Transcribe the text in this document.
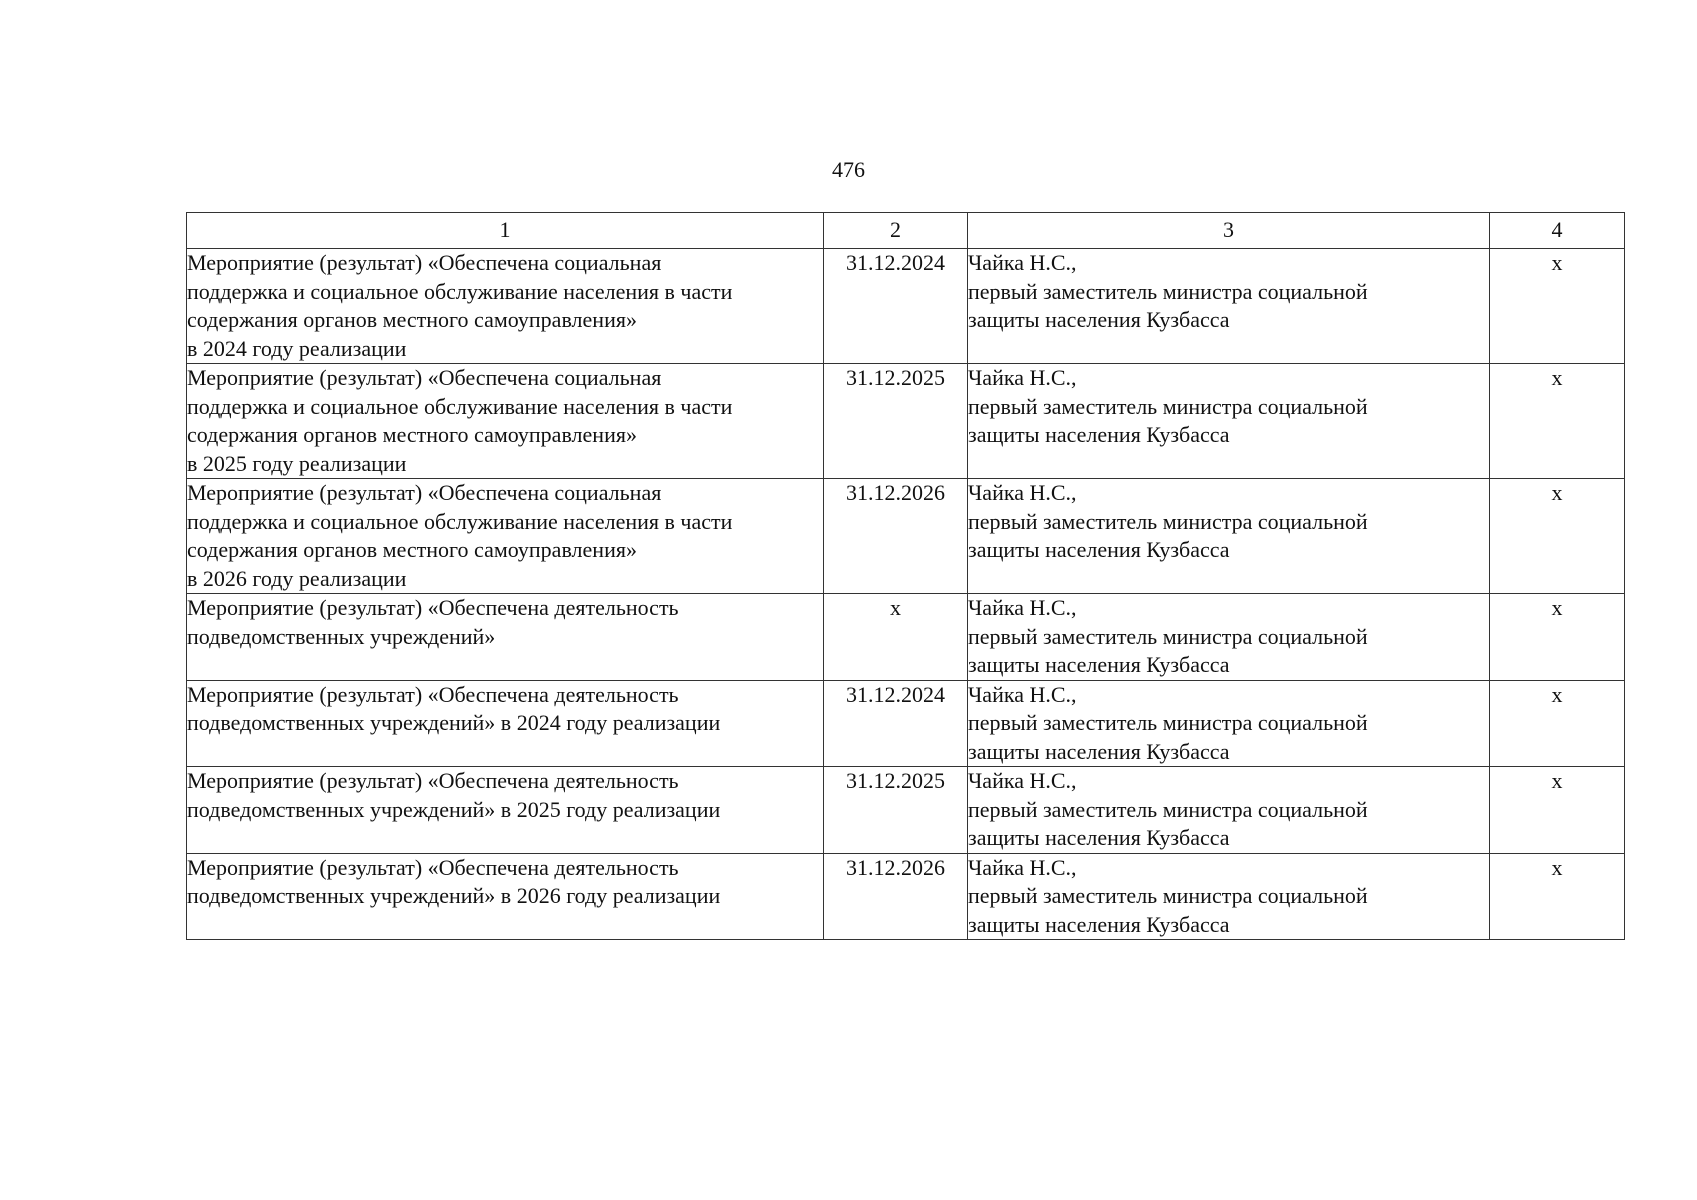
476
1	2	3	4

Мероприятие (результат) «Обеспечена социальная
поддержка и социальное обслуживание населения в части
содержания органов местного самоуправления»
в 2024 году реализации	31.12.2024	Чайка Н.С.,
первый заместитель министра социальной
защиты населения Кузбасса	x

Мероприятие (результат) «Обеспечена социальная
поддержка и социальное обслуживание населения в части
содержания органов местного самоуправления»
в 2025 году реализации	31.12.2025	Чайка Н.С.,
первый заместитель министра социальной
защиты населения Кузбасса	x

Мероприятие (результат) «Обеспечена социальная
поддержка и социальное обслуживание населения в части
содержания органов местного самоуправления»
в 2026 году реализации	31.12.2026	Чайка Н.С.,
первый заместитель министра социальной
защиты населения Кузбасса	x

Мероприятие (результат) «Обеспечена деятельность
подведомственных учреждений»	x	Чайка Н.С.,
первый заместитель министра социальной
защиты населения Кузбасса	x

Мероприятие (результат) «Обеспечена деятельность
подведомственных учреждений» в 2024 году реализации	31.12.2024	Чайка Н.С.,
первый заместитель министра социальной
защиты населения Кузбасса	x

Мероприятие (результат) «Обеспечена деятельность
подведомственных учреждений» в 2025 году реализации	31.12.2025	Чайка Н.С.,
первый заместитель министра социальной
защиты населения Кузбасса	x

Мероприятие (результат) «Обеспечена деятельность
подведомственных учреждений» в 2026 году реализации	31.12.2026	Чайка Н.С.,
первый заместитель министра социальной
защиты населения Кузбасса	x
